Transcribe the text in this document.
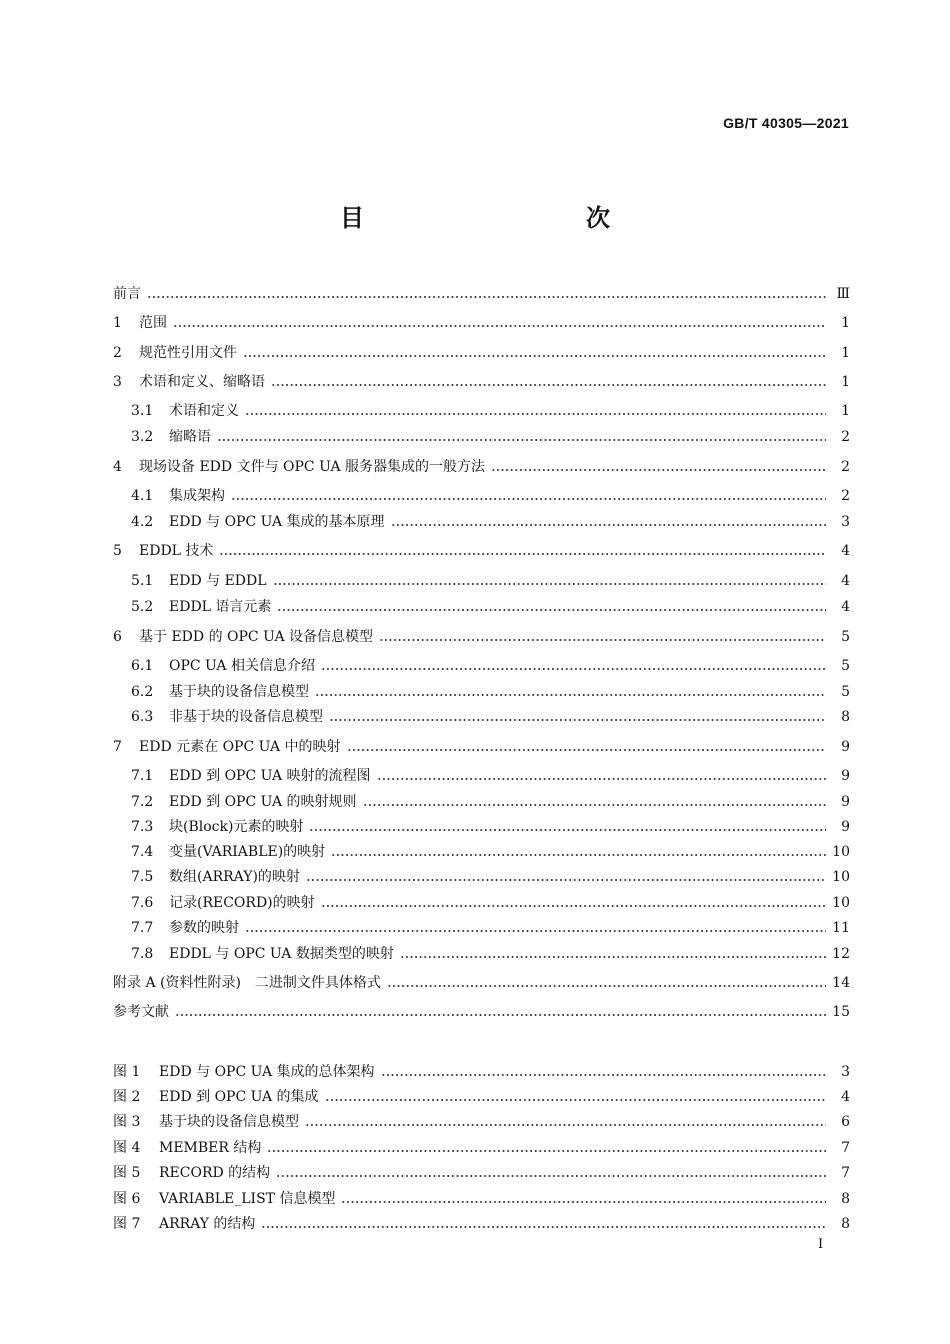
GB/T 40305—2021
目　　次
前言	Ⅲ
1	范围	1
2	规范性引用文件	1
3	术语和定义、缩略语	1
3.1	术语和定义	1
3.2	缩略语	2
4	现场设备 EDD 文件与 OPC UA 服务器集成的一般方法	2
4.1	集成架构	2
4.2	EDD 与 OPC UA 集成的基本原理	3
5	EDDL 技术	4
5.1	EDD 与 EDDL	4
5.2	EDDL 语言元素	4
6	基于 EDD 的 OPC UA 设备信息模型	5
6.1	OPC UA 相关信息介绍	5
6.2	基于块的设备信息模型	5
6.3	非基于块的设备信息模型	8
7	EDD 元素在 OPC UA 中的映射	9
7.1	EDD 到 OPC UA 映射的流程图	9
7.2	EDD 到 OPC UA 的映射规则	9
7.3	块(Block)元素的映射	9
7.4	变量(VARIABLE)的映射	10
7.5	数组(ARRAY)的映射	10
7.6	记录(RECORD)的映射	10
7.7	参数的映射	11
7.8	EDDL 与 OPC UA 数据类型的映射	12
附录 A (资料性附录)　二进制文件具体格式	14
参考文献	15
图 1	EDD 与 OPC UA 集成的总体架构	3
图 2	EDD 到 OPC UA 的集成	4
图 3	基于块的设备信息模型	6
图 4	MEMBER 结构	7
图 5	RECORD 的结构	7
图 6	VARIABLE_LIST 信息模型	8
图 7	ARRAY 的结构	8
Ⅰ
